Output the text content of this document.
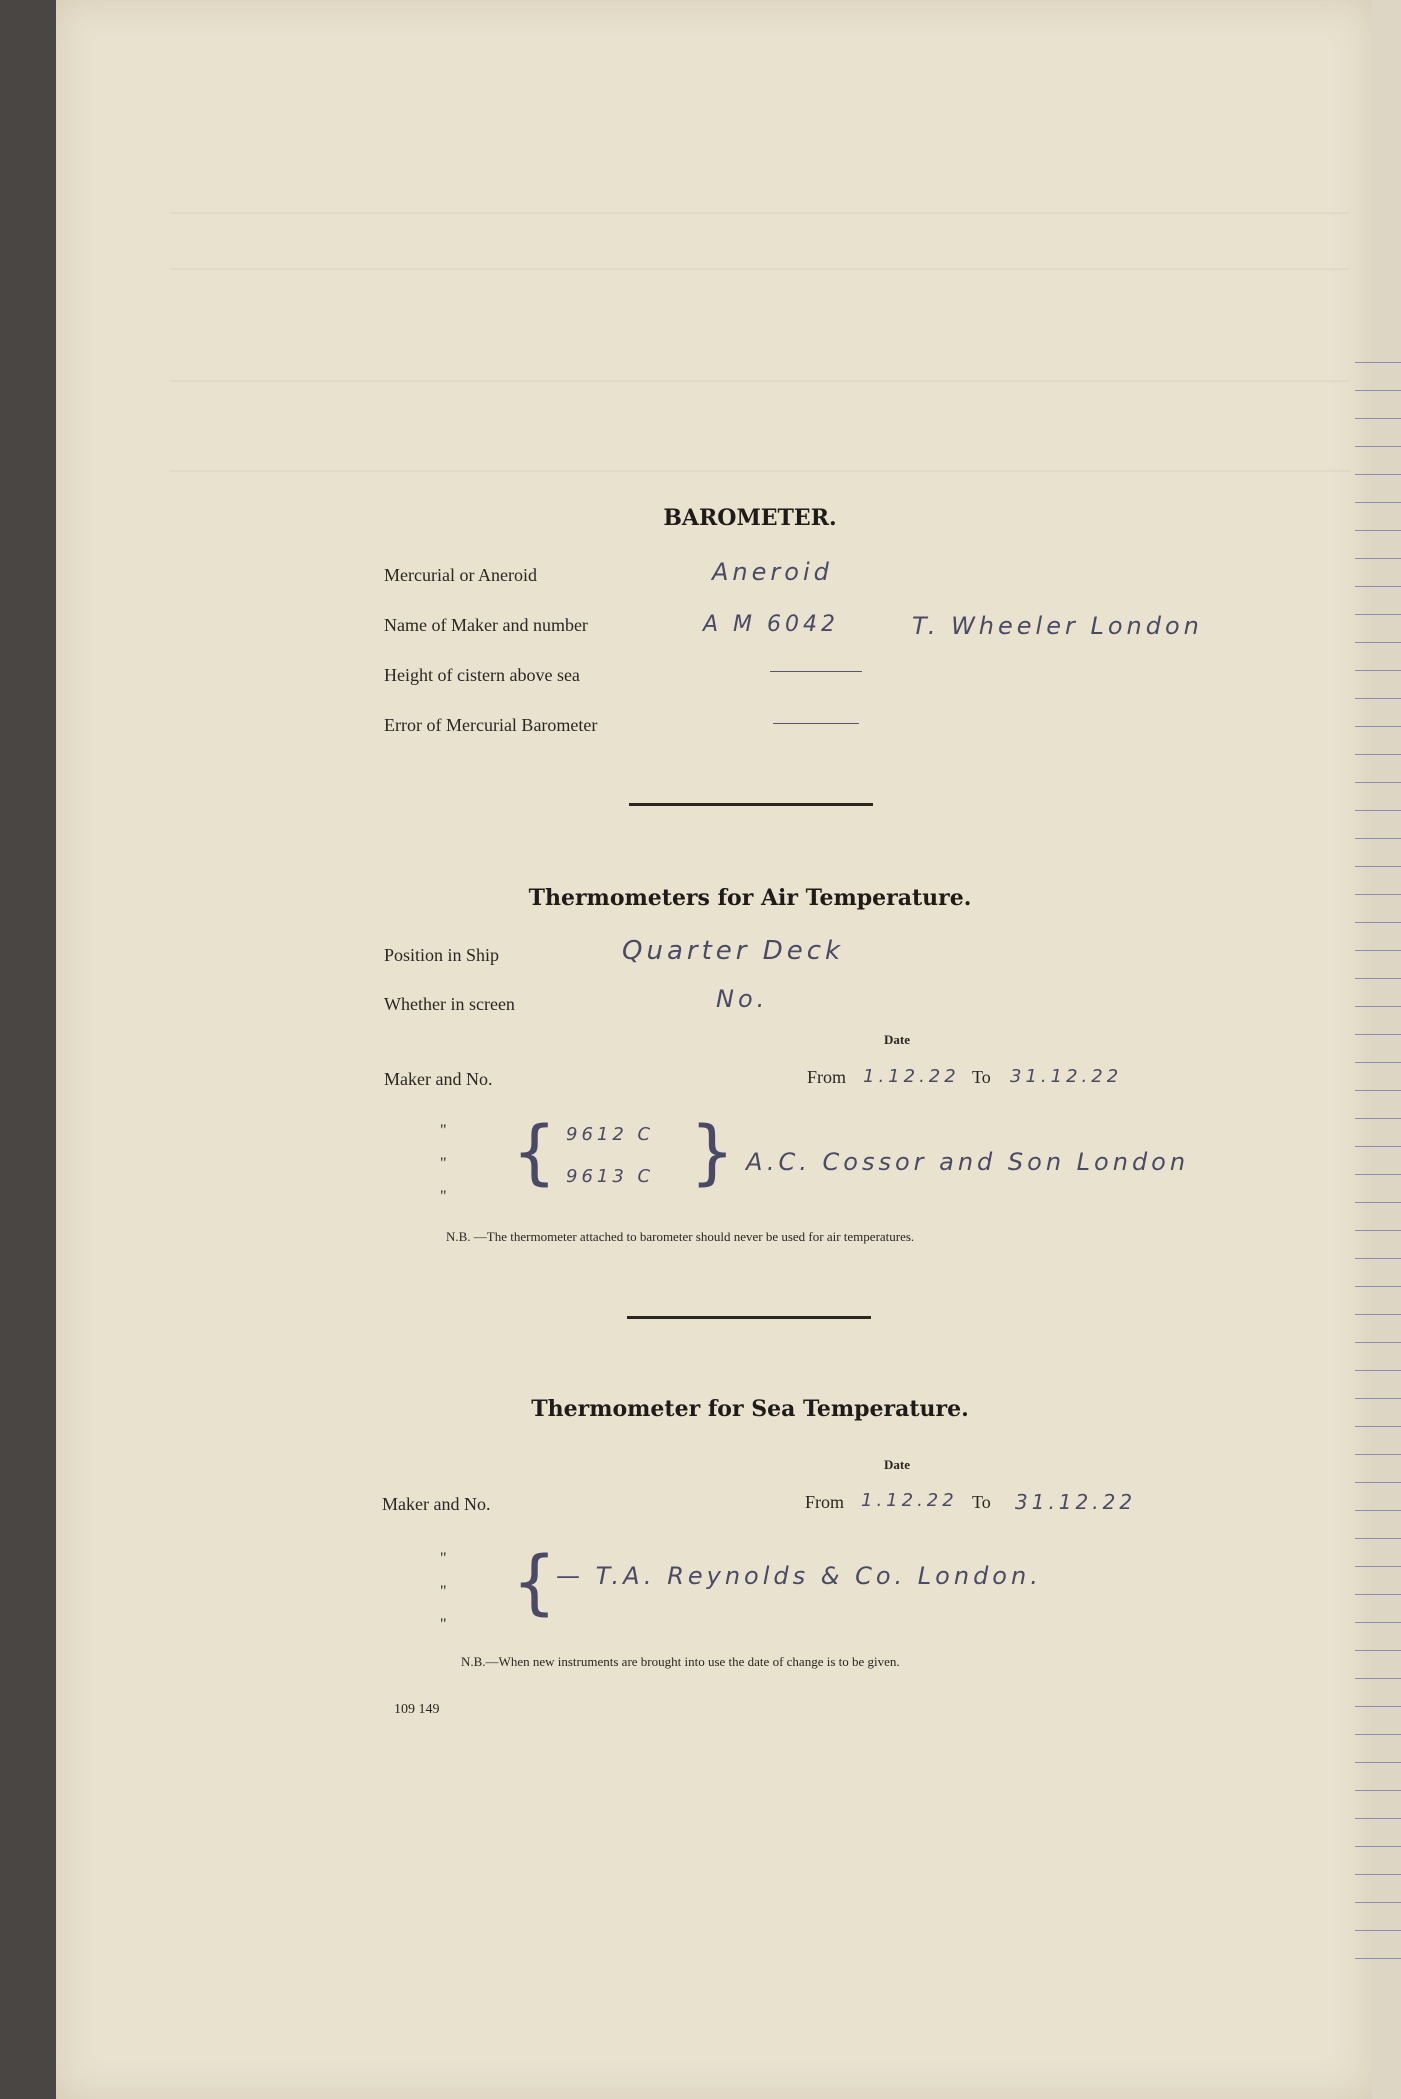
BAROMETER.
Mercurial or Aneroid	Aneroid
Name of Maker and number	A M 6042	T. Wheeler London
Height of cistern above sea
Error of Mercurial Barometer
Thermometers for Air Temperature.
Position in Ship	Quarter Deck
Whether in screen	No.
Date
Maker and No.	From 1.12.22 To 31.12.22
"
"
"
{ 9612 C
9613 C } A.C. Cossor and Son London
N.B. —The thermometer attached to barometer should never be used for air temperatures.
Thermometer for Sea Temperature.
Date
Maker and No.	From 1.12.22 To 31.12.22
"
"
"
{ — T.A. Reynolds & Co. London.
N.B.—When new instruments are brought into use the date of change is to be given.
109 149
